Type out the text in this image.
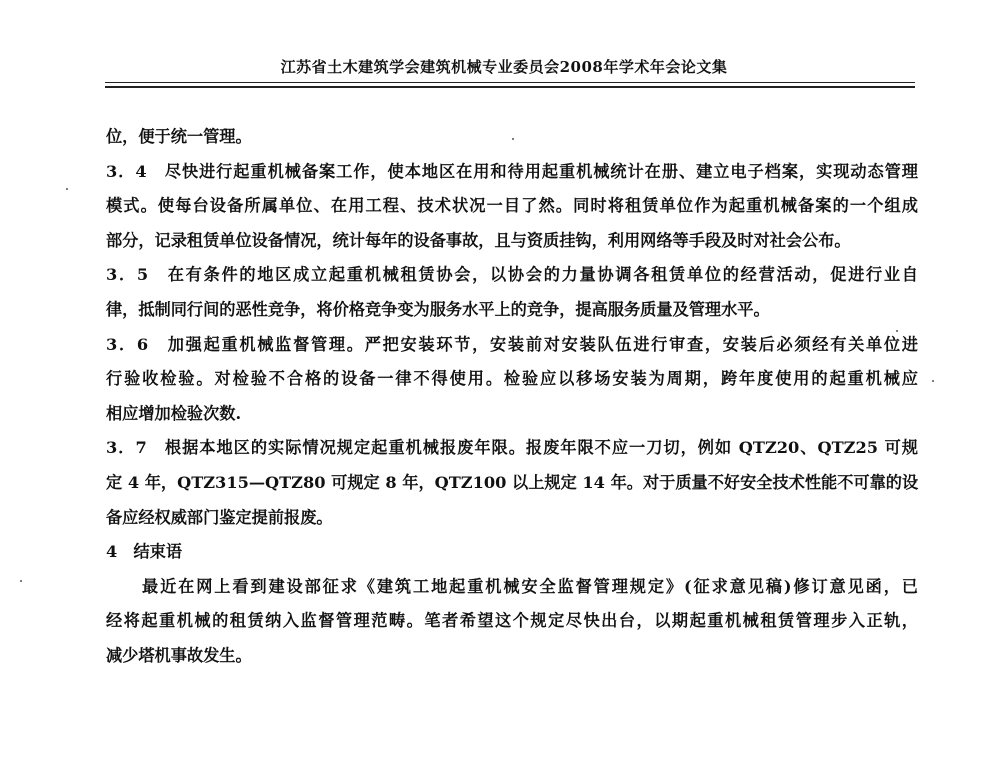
江苏省土木建筑学会建筑机械专业委员会2008年学术年会论文集
位，便于统一管理。
3．4　尽快进行起重机械备案工作，使本地区在用和待用起重机械统计在册、建立电子档案，实现动态管理
模式。使每台设备所属单位、在用工程、技术状况一目了然。同时将租赁单位作为起重机械备案的一个组成
部分，记录租赁单位设备情况，统计每年的设备事故，且与资质挂钩，利用网络等手段及时对社会公布。
3．5　在有条件的地区成立起重机械租赁协会，以协会的力量协调各租赁单位的经营活动，促进行业自
律，抵制同行间的恶性竞争，将价格竞争变为服务水平上的竞争，提高服务质量及管理水平。
3．6　加强起重机械监督管理。严把安装环节，安装前对安装队伍进行审查，安装后必须经有关单位进
行验收检验。对检验不合格的设备一律不得使用。检验应以移场安装为周期，跨年度使用的起重机械应
相应增加检验次数.
3．7　根据本地区的实际情况规定起重机械报废年限。报废年限不应一刀切，例如 QTZ20、QTZ25 可规
定 4 年，QTZ315—QTZ80 可规定 8 年，QTZ100 以上规定 14 年。对于质量不好安全技术性能不可靠的设
备应经权威部门鉴定提前报废。
4　结束语
最近在网上看到建设部征求《建筑工地起重机械安全监督管理规定》(征求意见稿)修订意见函，已
经将起重机械的租赁纳入监督管理范畴。笔者希望这个规定尽快出台，以期起重机械租赁管理步入正轨，
减少塔机事故发生。
